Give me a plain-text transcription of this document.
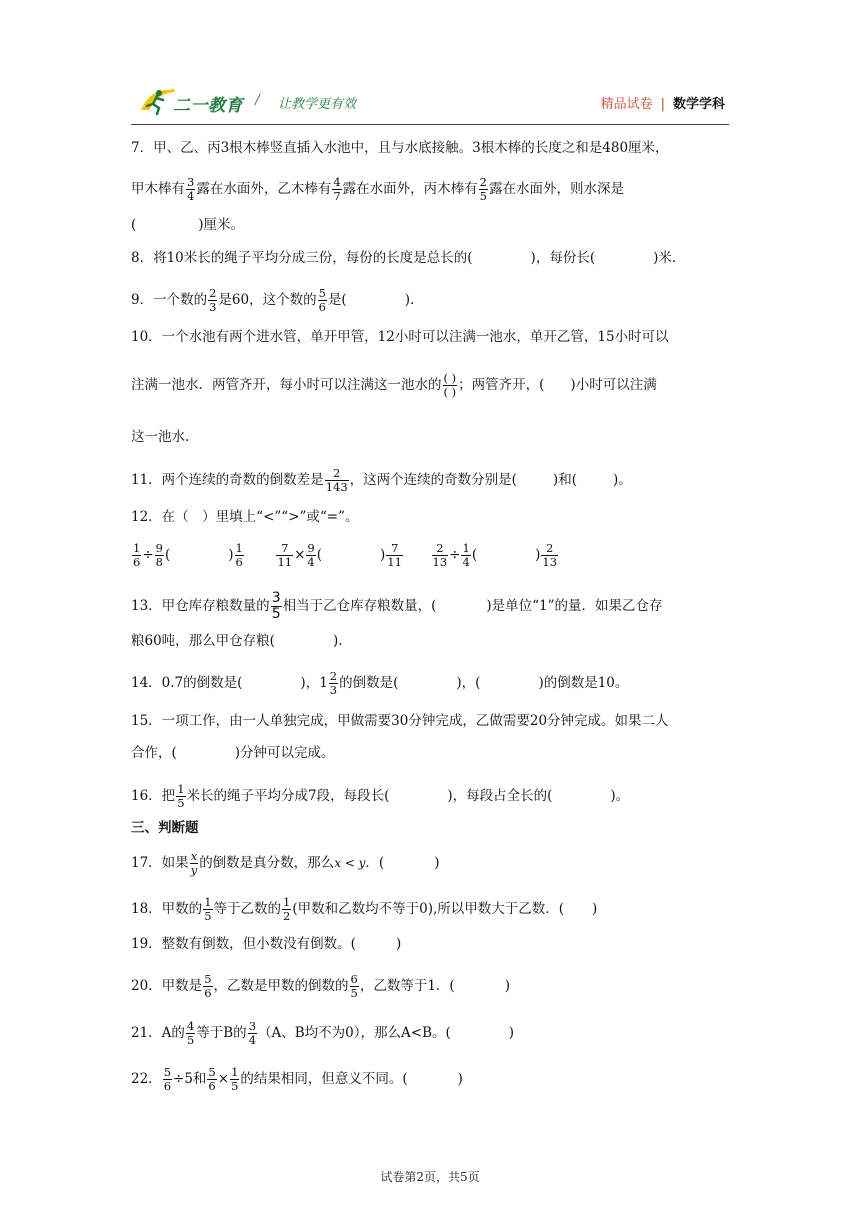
二一教育 / 让教学更有效	精品试卷 | 数学学科
7．甲、乙、丙3根木棒竖直插入水池中，且与水底接触。3根木棒的长度之和是480厘米，
甲木棒有 $\frac{3}{4}$ 露在水面外，乙木棒有 $\frac{4}{7}$ 露在水面外，丙木棒有 $\frac{2}{5}$ 露在水面外，则水深是
(	)厘米。
8．将10米长的绳子平均分成三份，每份的长度是总长的(	)，每份长(	)米.
9．一个数的 $\frac{2}{3}$ 是60，这个数的 $\frac{5}{6}$ 是(	).
10．一个水池有两个进水管，单开甲管，12小时可以注满一池水，单开乙管，15小时可以
注满一池水．两管齐开，每小时可以注满这一池水的 ( )
( ) ；两管齐开，( )小时可以注满
这一池水.
11．两个连续的奇数的倒数差是 $\frac{2}{143}$ ，这两个连续的奇数分别是(	)和(	)。
12．在（　）里填上“<”“>”或“=”。
$\frac{1}{6} \div \frac{9}{8}$ (	) $\frac{1}{6}$
	$\frac{7}{11} \times \frac{9}{4}$ (	) $\frac{7}{11}$
$\frac{2}{13} \div \frac{1}{4}$ (	) $\frac{2}{13}$
13．甲仓库存粮数量的 $\frac{3}{5}$ 相当于乙仓库存粮数量，(	)是单位“1”的量．如果乙仓存
粮60吨，那么甲仓存粮(	).
14．0.7的倒数是(	)，$1 \frac{2}{3}$ 的倒数是(	)，(	)的倒数是10。
15．一项工作，由一人单独完成，甲做需要30分钟完成，乙做需要20分钟完成。如果二人
合作，(	)分钟可以完成。
16．把 $\frac{1}{5}$ 米长的绳子平均分成7段，每段长(	)，每段占全长的(	)。
三、判断题
17．如果 $\frac{x}{y}$ 的倒数是真分数，那么x < y．(	)
18．甲数的 $\frac{1}{5}$ 等于乙数的 $\frac{1}{2}$ (甲数和乙数均不等于0),所以甲数大于乙数．( )
19．整数有倒数，但小数没有倒数。(	)
20．甲数是 $\frac{5}{6}$ ，乙数是甲数的倒数的 $\frac{6}{5}$ ，乙数等于1．(	)
21．A的 $\frac{4}{5}$ 等于B的 $\frac{3}{4} (A$、B均不为0），那么A<B。(	)
22． $\frac{5}{6} \div 5$和 $\frac{5}{6} \times \frac{1}{5}$ 的结果相同，但意义不同。(	)
试卷第2页，共5页
